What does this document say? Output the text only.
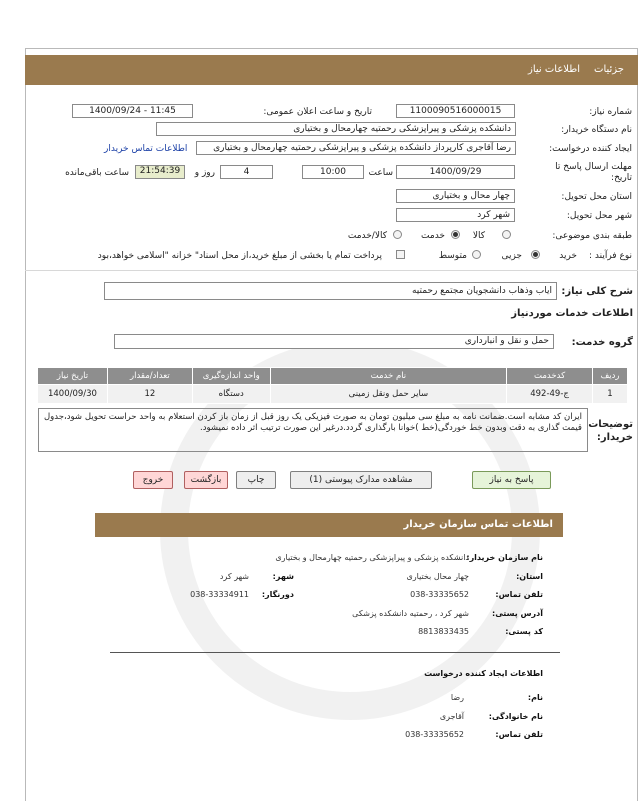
جزئیات
اطلاعات نیاز
شماره نیاز:
1100090516000015
تاریخ و ساعت اعلان عمومی:
1400/09/24 - 11:45
نام دستگاه خریدار:
دانشکده پزشکی و پیراپزشکی رحمتیه چهارمحال و بختیاری
ایجاد کننده درخواست:
رضا آقاجری کارپرداز دانشکده پزشکی و پیراپزشکی رحمتیه چهارمحال و بختیاری
اطلاعات تماس خریدار
مهلت ارسال پاسخ تا تاریخ:
1400/09/29
ساعت
10:00
4
روز و
21:54:39
ساعت باقی‌مانده
استان محل تحویل:
چهار محال و بختیاری
شهر محل تحویل:
شهر کرد
طبقه بندی موضوعی:
کالا
خدمت
کالا/خدمت
نوع فرآیند :
خرید
جزیی
متوسط
پرداخت تمام یا بخشی از مبلغ خرید،از محل اسناد" خزانه "اسلامی خواهد،بود
شرح کلی نیاز:
ایاب وذهاب دانشجویان مجتمع رحمتیه
اطلاعات خدمات موردنیاز
گروه خدمت:
حمل و نقل و انبارداری
تاریخ نیاز	تعداد/مقدار	واحد اندازه‌گیری	نام خدمت	کدخدمت	ردیف
1400/09/30	12	دستگاه	سایر حمل ونقل زمینی	ج-49-492	1
توضیحات خریدار:
ایران کد مشابه است.ضمانت نامه به مبلغ سی میلیون تومان به صورت فیزیکی یک روز قبل از زمان باز کردن استعلام به واحد حراست تحویل شود،جدول قیمت گذاری به دقت وبدون خط خوردگی(خط )خوانا بارگذاری گردد.درغیر این صورت ترتیب اثر داده نمیشود.
پاسخ به نیاز
مشاهده مدارک پیوستی (1)
چاپ
بازگشت
خروج
اطلاعات تماس سازمان خریدار
نام سازمان خریدار:
دانشکده پزشکی و پیراپزشکی رحمتیه چهارمحال و بختیاری
استان:
چهار محال بختیاری
شهر:
شهر کرد
تلفن تماس:
038-33335652
دورنگار:
038-33334911
آدرس پستی:
شهر کرد ، رحمتیه دانشکده پزشکی
کد پستی:
8813833435
اطلاعات ایجاد کننده درخواست
نام:
رضا
نام خانوادگی:
آقاجری
تلفن تماس:
038-33335652
